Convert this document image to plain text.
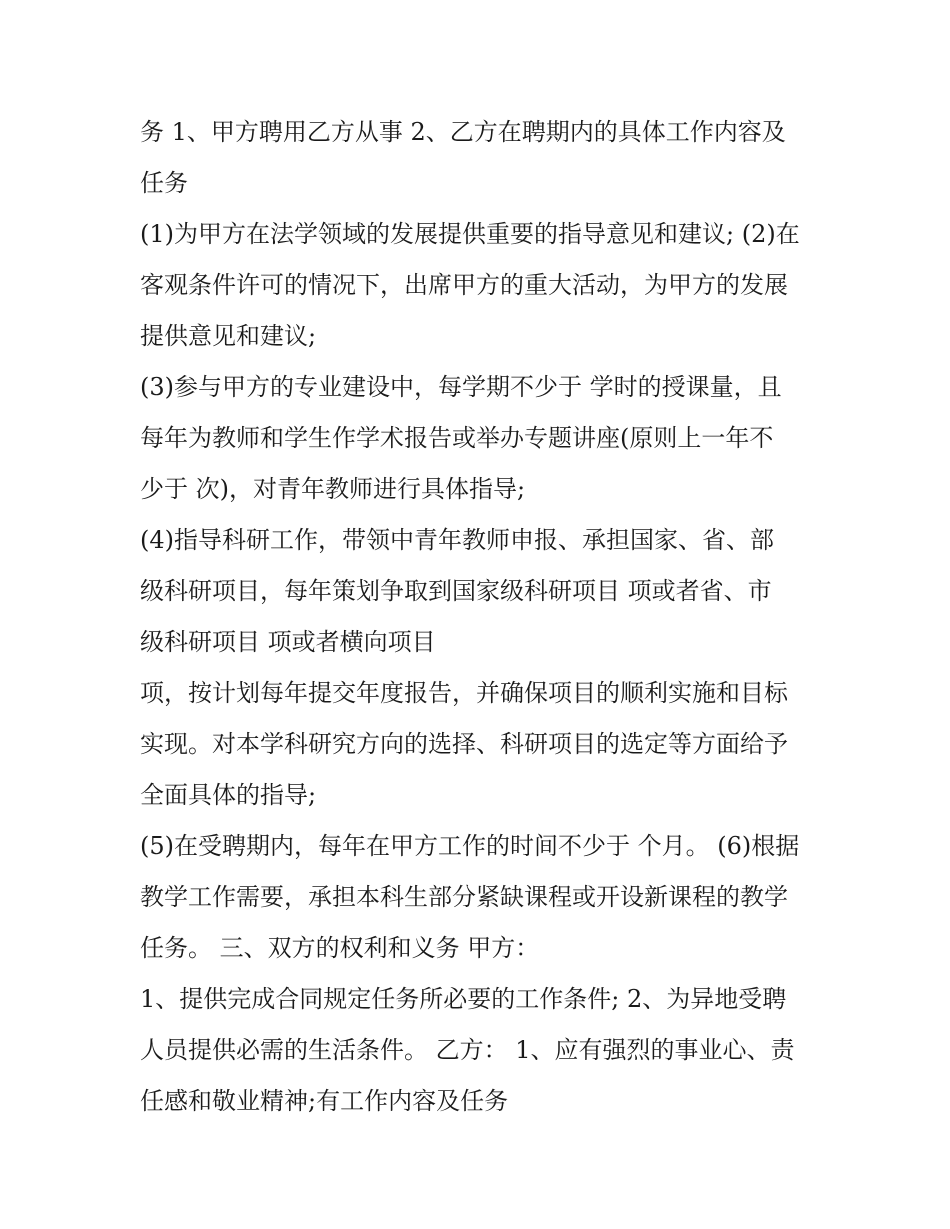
务 1、甲方聘用乙方从事 2、乙方在聘期内的具体工作内容及
任务
(1)为甲方在法学领域的发展提供重要的指导意见和建议; (2)在
客观条件许可的情况下，出席甲方的重大活动，为甲方的发展
提供意见和建议;
(3)参与甲方的专业建设中，每学期不少于 学时的授课量，且
每年为教师和学生作学术报告或举办专题讲座(原则上一年不
少于 次)，对青年教师进行具体指导;
(4)指导科研工作，带领中青年教师申报、承担国家、省、部
级科研项目，每年策划争取到国家级科研项目 项或者省、市
级科研项目 项或者横向项目
项，按计划每年提交年度报告，并确保项目的顺利实施和目标
实现。对本学科研究方向的选择、科研项目的选定等方面给予
全面具体的指导;
(5)在受聘期内，每年在甲方工作的时间不少于 个月。 (6)根据
教学工作需要，承担本科生部分紧缺课程或开设新课程的教学
任务。 三、双方的权利和义务 甲方：
1、提供完成合同规定任务所必要的工作条件; 2、为异地受聘
人员提供必需的生活条件。 乙方： 1、应有强烈的事业心、责
任感和敬业精神;有工作内容及任务
